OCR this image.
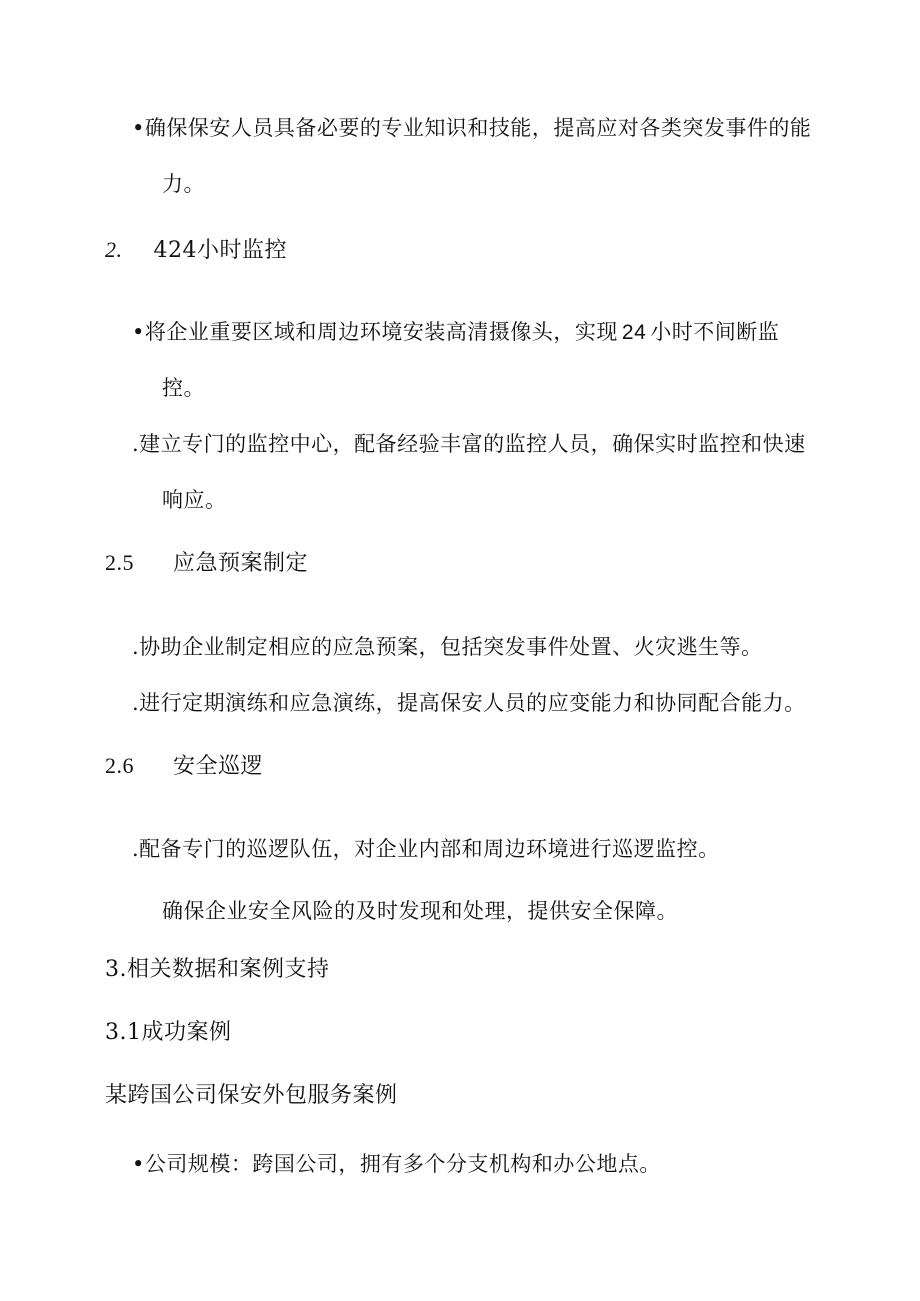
•确保保安人员具备必要的专业知识和技能，提高应对各类突发事件的能
力。
2. 424小时监控
•将企业重要区域和周边环境安装高清摄像头，实现 24 小时不间断监
控。
.建立专门的监控中心，配备经验丰富的监控人员，确保实时监控和快速
响应。
2.5 应急预案制定
.协助企业制定相应的应急预案，包括突发事件处置、火灾逃生等。
.进行定期演练和应急演练，提高保安人员的应变能力和协同配合能力。
2.6 安全巡逻
.配备专门的巡逻队伍，对企业内部和周边环境进行巡逻监控。
确保企业安全风险的及时发现和处理，提供安全保障。
3.相关数据和案例支持
3.1成功案例
某跨国公司保安外包服务案例
•公司规模：跨国公司，拥有多个分支机构和办公地点。
